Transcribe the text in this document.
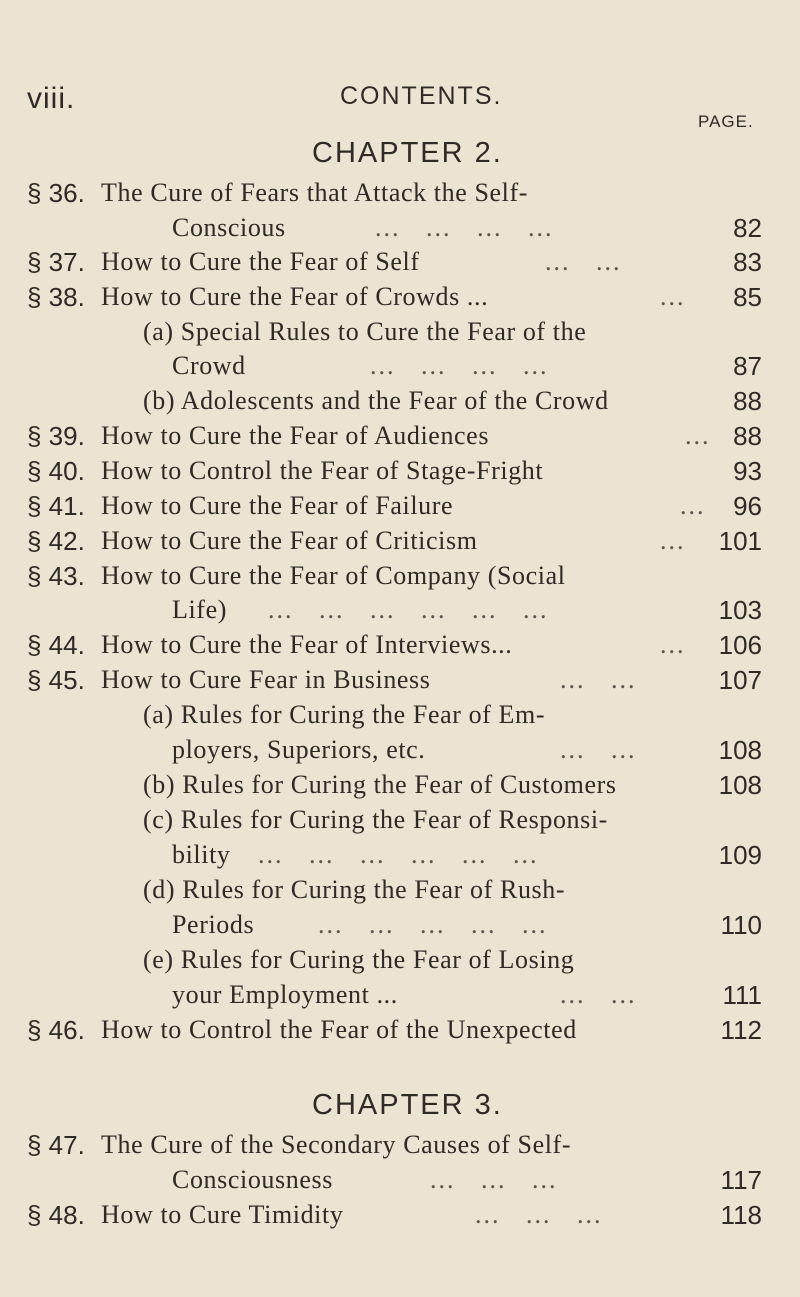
viii.	CONTENTS.
PAGE.
CHAPTER 2.
§ 36. The Cure of Fears that Attack the Self-
Conscious	...   ...   ...   ...	82
§ 37. How to Cure the Fear of Self	...   ...	83
§ 38. How to Cure the Fear of Crowds ...	... 85
(a) Special Rules to Cure the Fear of the
Crowd	...   ...   ...   ...	87
(b) Adolescents and the Fear of the Crowd	88
§ 39. How to Cure the Fear of Audiences	... 88
§ 40. How to Control the Fear of Stage-Fright	93
§ 41. How to Cure the Fear of Failure	... 96
§ 42. How to Cure the Fear of Criticism	... 101
§ 43. How to Cure the Fear of Company (Social
Life) ...   ...   ...   ...   ...   ...	103
§ 44. How to Cure the Fear of Interviews...	... 106
§ 45. How to Cure Fear in Business	...   ...	107
(a) Rules for Curing the Fear of Em-
ployers, Superiors, etc.	...   ...	108
(b) Rules for Curing the Fear of Customers	108
(c) Rules for Curing the Fear of Responsi-
bility ...   ...   ...   ...   ...   ...	109
(d) Rules for Curing the Fear of Rush-
Periods ...   ...   ...   ...   ...	110
(e) Rules for Curing the Fear of Losing
your Employment ...	...   ...	111
§ 46. How to Control the Fear of the Unexpected	112
CHAPTER 3.
§ 47. The Cure of the Secondary Causes of Self-
Consciousness	...   ...   ...	117
§ 48. How to Cure Timidity	...   ...   ...	118
